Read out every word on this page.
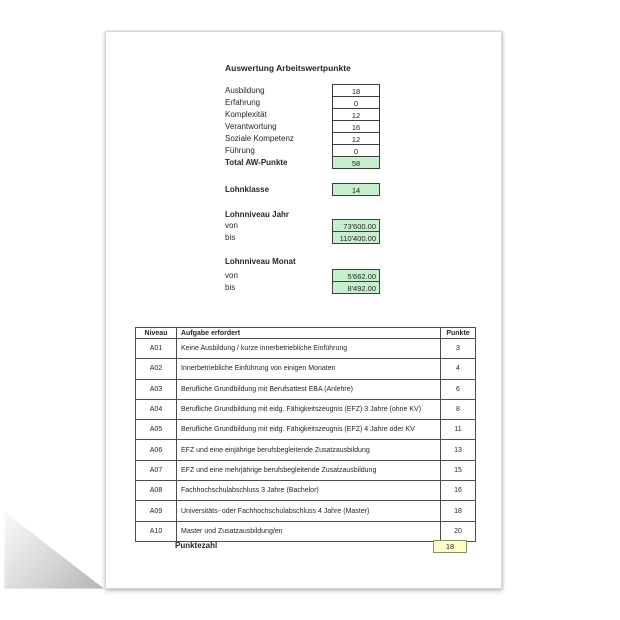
Auswertung Arbeitswertpunkte
Ausbildung	18
Erfahrung	0
Komplexität	12
Verantwortung	16
Soziale Kompetenz	12
Führung	0
Total AW-Punkte	58
Lohnklasse	14
Lohnniveau Jahr
von	73'600.00
bis	110'400.00
Lohnniveau Monat
von	5'662.00
bis	8'492.00
Niveau	Aufgabe erfordert	Punkte
A01	Keine Ausbildung / kurze innerbetriebliche Einführung	3
A02	Innerbetriebliche Einführung von einigen Monaten	4
A03	Berufliche Grundbildung mit Berufsattest EBA (Anlehre)	6
A04	Berufliche Grundbildung mit eidg. Fähigkeitszeugnis (EFZ) 3 Jahre (ohne KV)	8
A05	Berufliche Grundbildung mit eidg. Fähigkeitszeugnis (EFZ) 4 Jahre oder KV	11
A06	EFZ und eine einjährige berufsbegleitende Zusatzausbildung	13
A07	EFZ und eine mehrjährige berufsbegleitende Zusatzausbildung	15
A08	Fachhochschulabschluss 3 Jahre (Bachelor)	16
A09	Universitäts- oder Fachhochschulabschluss 4 Jahre (Master)	18
A10	Master und Zusatzausbildung/en	20
Punktezahl	18
